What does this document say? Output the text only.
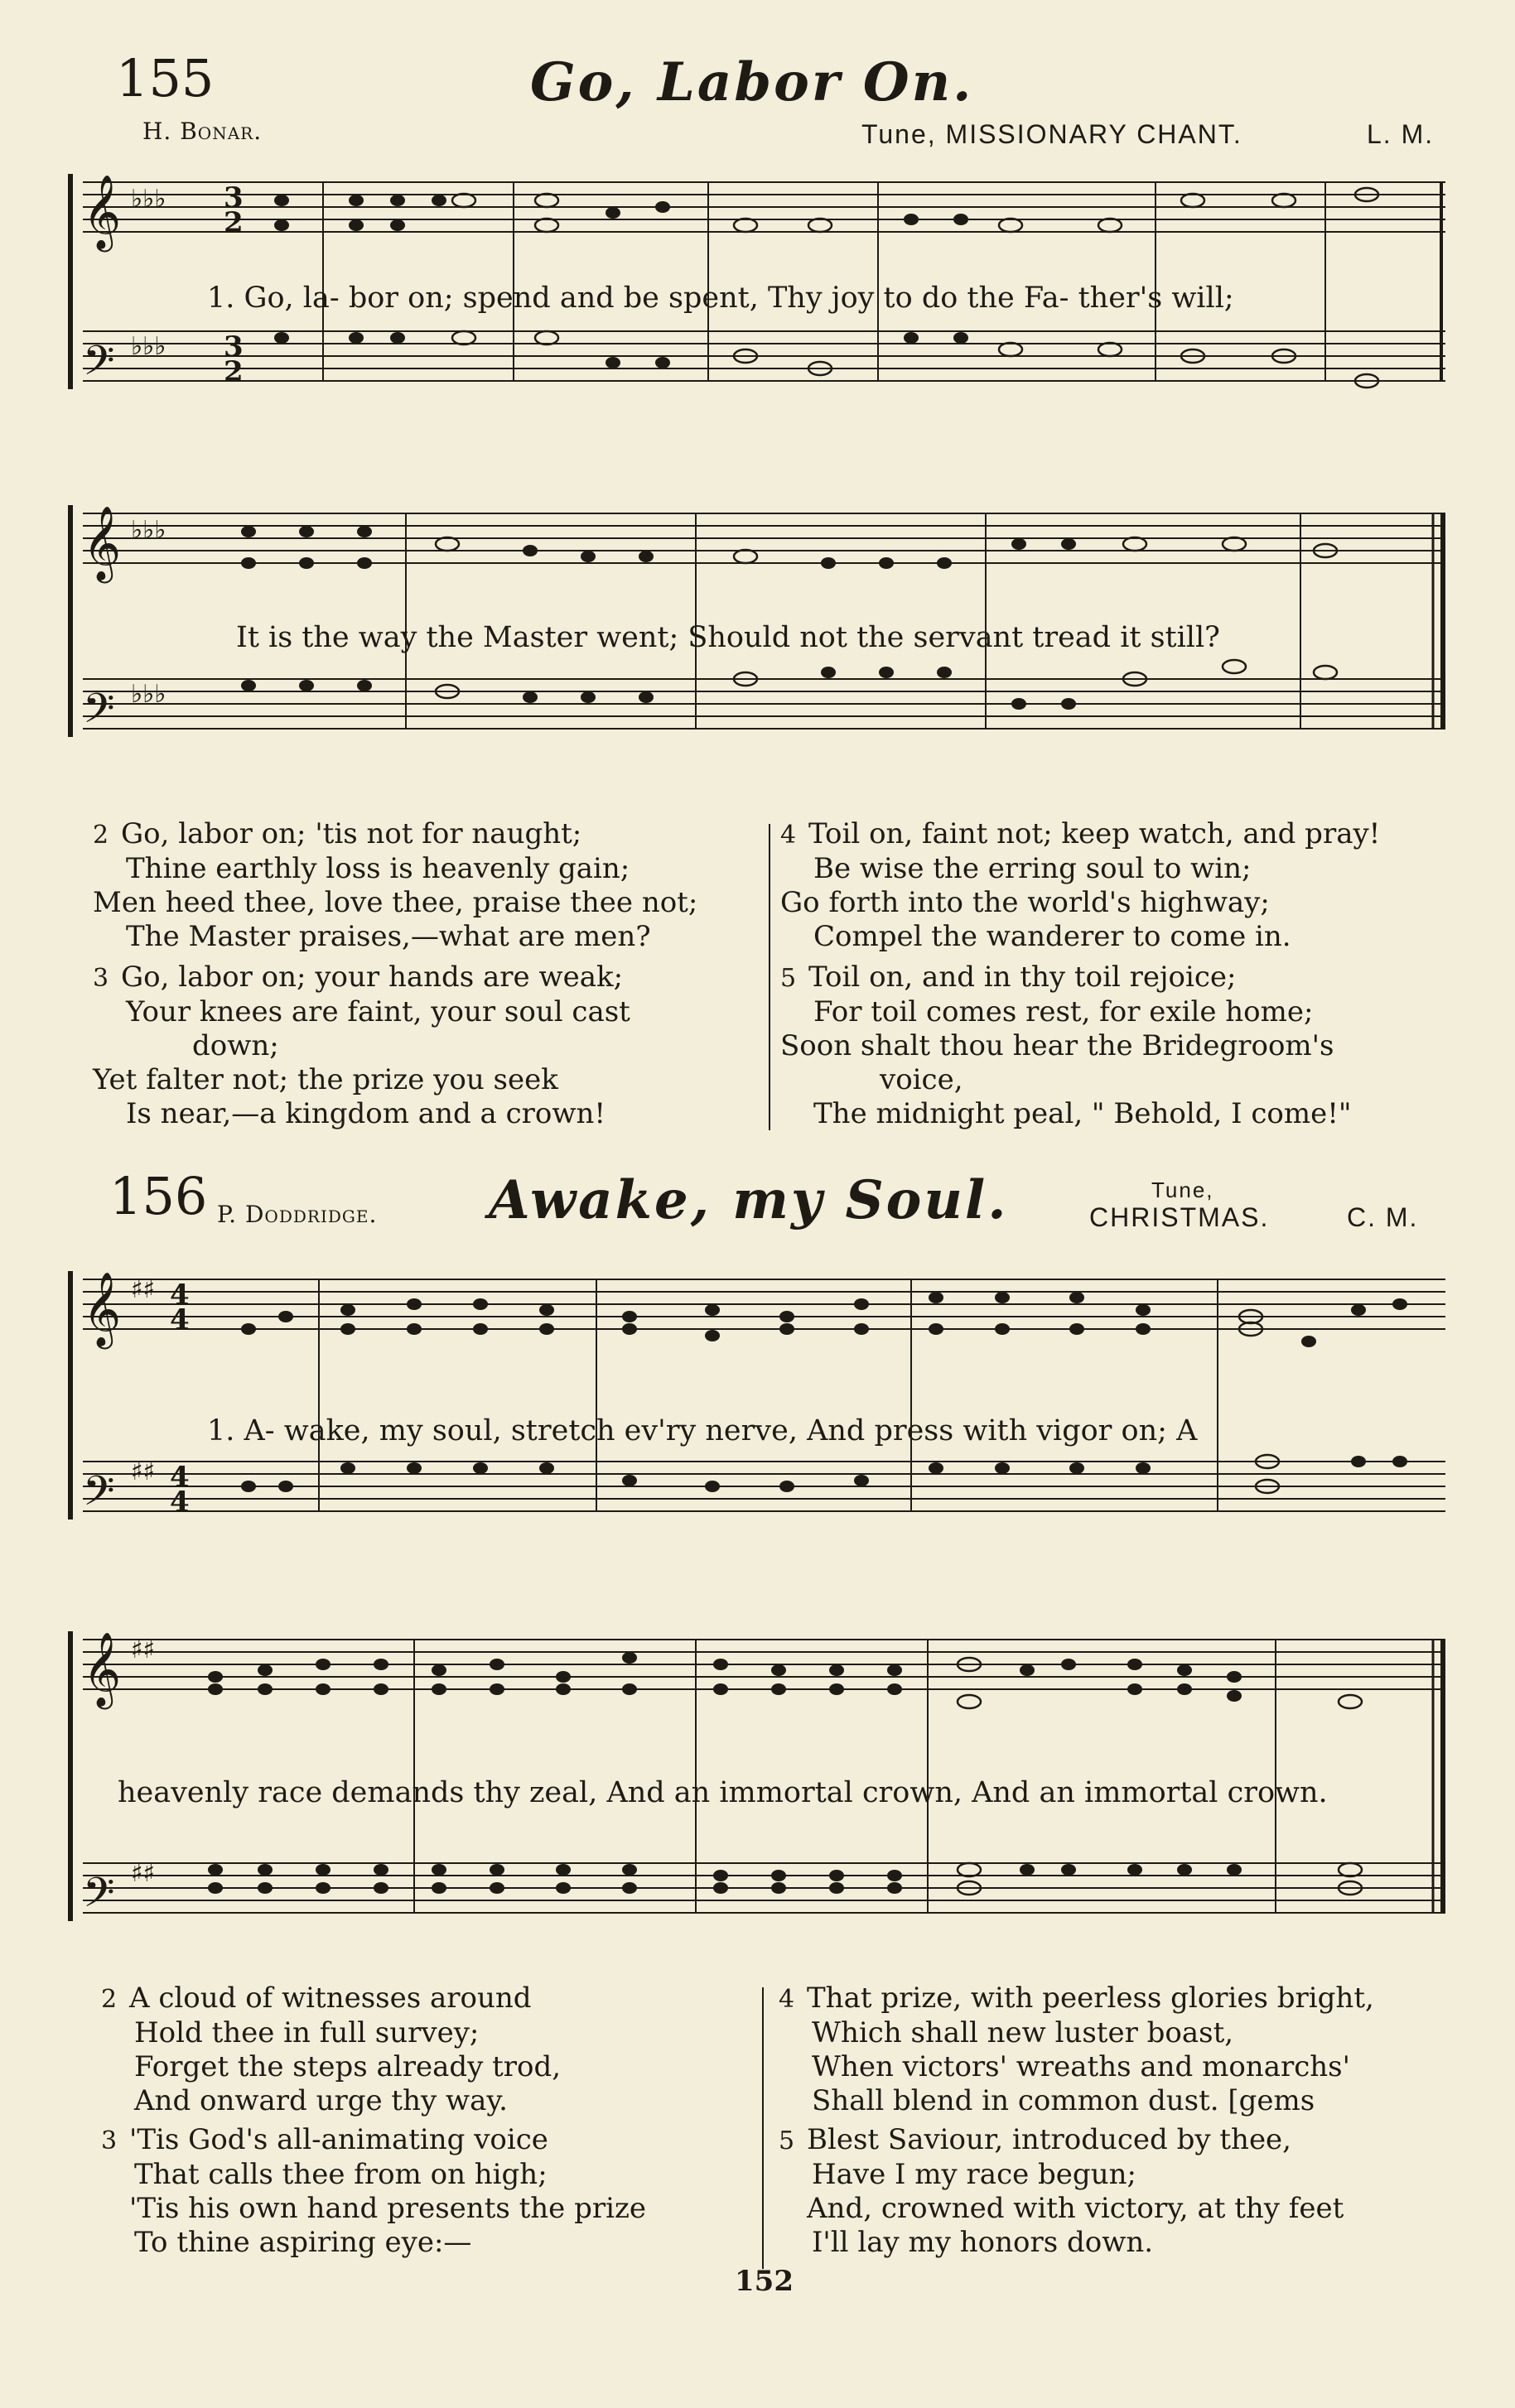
155	Go, Labor On.
H. Bonar.	Tune, MISSIONARY CHANT.	L. M.
𝄞
𝄢
♭♭♭
♭♭♭
3
2
3
2
1. Go, la- bor on; spend and be spent, Thy joy to do the Fa- ther's will;
𝄞
𝄢
♭♭♭
♭♭♭
It is the way the Master went; Should not the servant tread it still?
2 Go, labor on; 'tis not for naught;
Thine earthly loss is heavenly gain;
Men heed thee, love thee, praise thee not;
The Master praises,—what are men?
3 Go, labor on; your hands are weak;
Your knees are faint, your soul cast
down;
Yet falter not; the prize you seek
Is near,—a kingdom and a crown!
4 Toil on, faint not; keep watch, and pray!
Be wise the erring soul to win;
Go forth into the world's highway;
Compel the wanderer to come in.
5 Toil on, and in thy toil rejoice;
For toil comes rest, for exile home;
Soon shalt thou hear the Bridegroom's
voice,
The midnight peal, " Behold, I come!"
156 P. Doddridge. Awake, my Soul.	Tune,
CHRISTMAS.	C. M.
𝄞
𝄢
♯♯
♯♯
4
4
4
4
1. A- wake, my soul, stretch ev'ry nerve, And press with vigor on; A
𝄞
𝄢
♯♯
♯♯
heavenly race demands thy zeal, And an immortal crown, And an immortal crown.
2 A cloud of witnesses around
Hold thee in full survey;
Forget the steps already trod,
And onward urge thy way.
3 'Tis God's all-animating voice
That calls thee from on high;
'Tis his own hand presents the prize
To thine aspiring eye:—
4 That prize, with peerless glories bright,
Which shall new luster boast,
When victors' wreaths and monarchs'
Shall blend in common dust. [gems
5 Blest Saviour, introduced by thee,
Have I my race begun;
And, crowned with victory, at thy feet
I'll lay my honors down.
152
